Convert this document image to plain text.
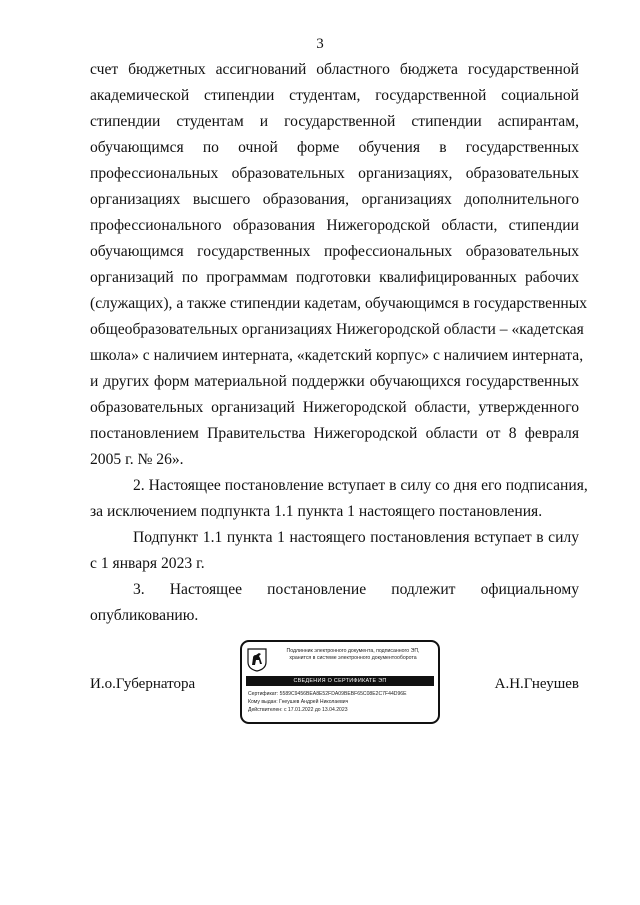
3

счет бюджетных ассигнований областного бюджета государственной
академической стипендии студентам, государственной социальной
стипендии студентам и государственной стипендии аспирантам,
обучающимся по очной форме обучения в государственных
профессиональных образовательных организациях, образовательных
организациях высшего образования, организациях дополнительного
профессионального образования Нижегородской области, стипендии
обучающимся государственных профессиональных образовательных
организаций по программам подготовки квалифицированных рабочих
(служащих), а также стипендии кадетам, обучающимся в государственных
общеобразовательных организациях Нижегородской области – «кадетская
школа» с наличием интерната, «кадетский корпус» с наличием интерната,
и других форм материальной поддержки обучающихся государственных
образовательных организаций Нижегородской области, утвержденного
постановлением Правительства Нижегородской области от 8 февраля
2005 г. № 26».

2. Настоящее постановление вступает в силу со дня его подписания,
за исключением подпункта 1.1 пункта 1 настоящего постановления.

Подпункт 1.1 пункта 1 настоящего постановления вступает в силу
с 1 января 2023 г.

3. Настоящее постановление подлежит официальному
опубликованию.

И.о.Губернатора	А.Н.Гнеушев
Подлинник электронного документа, подписанного ЭП,
хранится в системе электронного документооборота
СВЕДЕНИЯ О СЕРТИФИКАТЕ ЭП
Сертификат: 5589C9456BEA8E52FDA09BEBF65C08E2C7F44D96E
Кому выдан: Гнеушев Андрей Николаевич
Действителен: с 17.01.2022 до 13.04.2023
